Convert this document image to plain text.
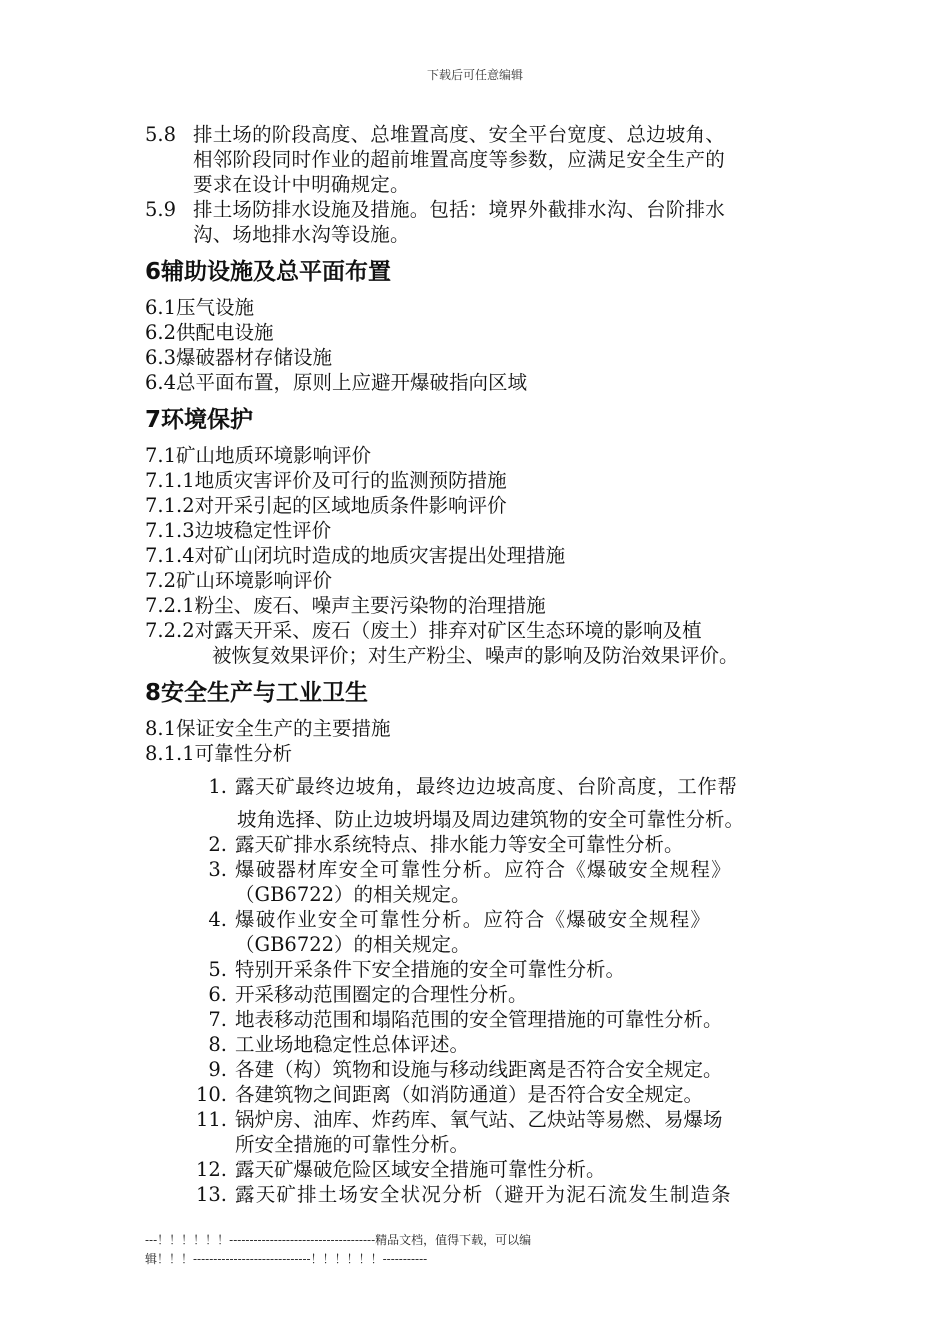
下载后可任意编辑
5.8 排土场的阶段高度、总堆置高度、安全平台宽度、总边坡角、
相邻阶段同时作业的超前堆置高度等参数，应满足安全生产的
要求在设计中明确规定。
5.9 排土场防排水设施及措施。包括：境界外截排水沟、台阶排水
沟、场地排水沟等设施。
6辅助设施及总平面布置
6.1压气设施
6.2供配电设施
6.3爆破器材存储设施
6.4总平面布置，原则上应避开爆破指向区域
7环境保护
7.1矿山地质环境影响评价
7.1.1地质灾害评价及可行的监测预防措施
7.1.2对开采引起的区域地质条件影响评价
7.1.3边坡稳定性评价
7.1.4对矿山闭坑时造成的地质灾害提出处理措施
7.2矿山环境影响评价
7.2.1粉尘、废石、噪声主要污染物的治理措施
7.2.2对露天开采、废石（废土）排弃对矿区生态环境的影响及植
被恢复效果评价；对生产粉尘、噪声的影响及防治效果评价。
8安全生产与工业卫生
8.1保证安全生产的主要措施
8.1.1可靠性分析
1. 露天矿最终边坡角，最终边边坡高度、台阶高度，工作帮
坡角选择、防止边坡坍塌及周边建筑物的安全可靠性分析。
2. 露天矿排水系统特点、排水能力等安全可靠性分析。
3. 爆破器材库安全可靠性分析。应符合《爆破安全规程》
（GB6722）的相关规定。
4. 爆破作业安全可靠性分析。应符合《爆破安全规程》
（GB6722）的相关规定。
5. 特别开采条件下安全措施的安全可靠性分析。
6. 开采移动范围圈定的合理性分析。
7. 地表移动范围和塌陷范围的安全管理措施的可靠性分析。
8. 工业场地稳定性总体评述。
9. 各建（构）筑物和设施与移动线距离是否符合安全规定。
10. 各建筑物之间距离（如消防通道）是否符合安全规定。
11. 锅炉房、油库、炸药库、氧气站、乙炔站等易燃、易爆场
所安全措施的可靠性分析。
12. 露天矿爆破危险区域安全措施可靠性分析。
13. 露天矿排土场安全状况分析（避开为泥石流发生制造条
---！！！！！！------------------------------------精品文档，值得下载，可以编
辑！！！-----------------------------！！！！！！-----------
